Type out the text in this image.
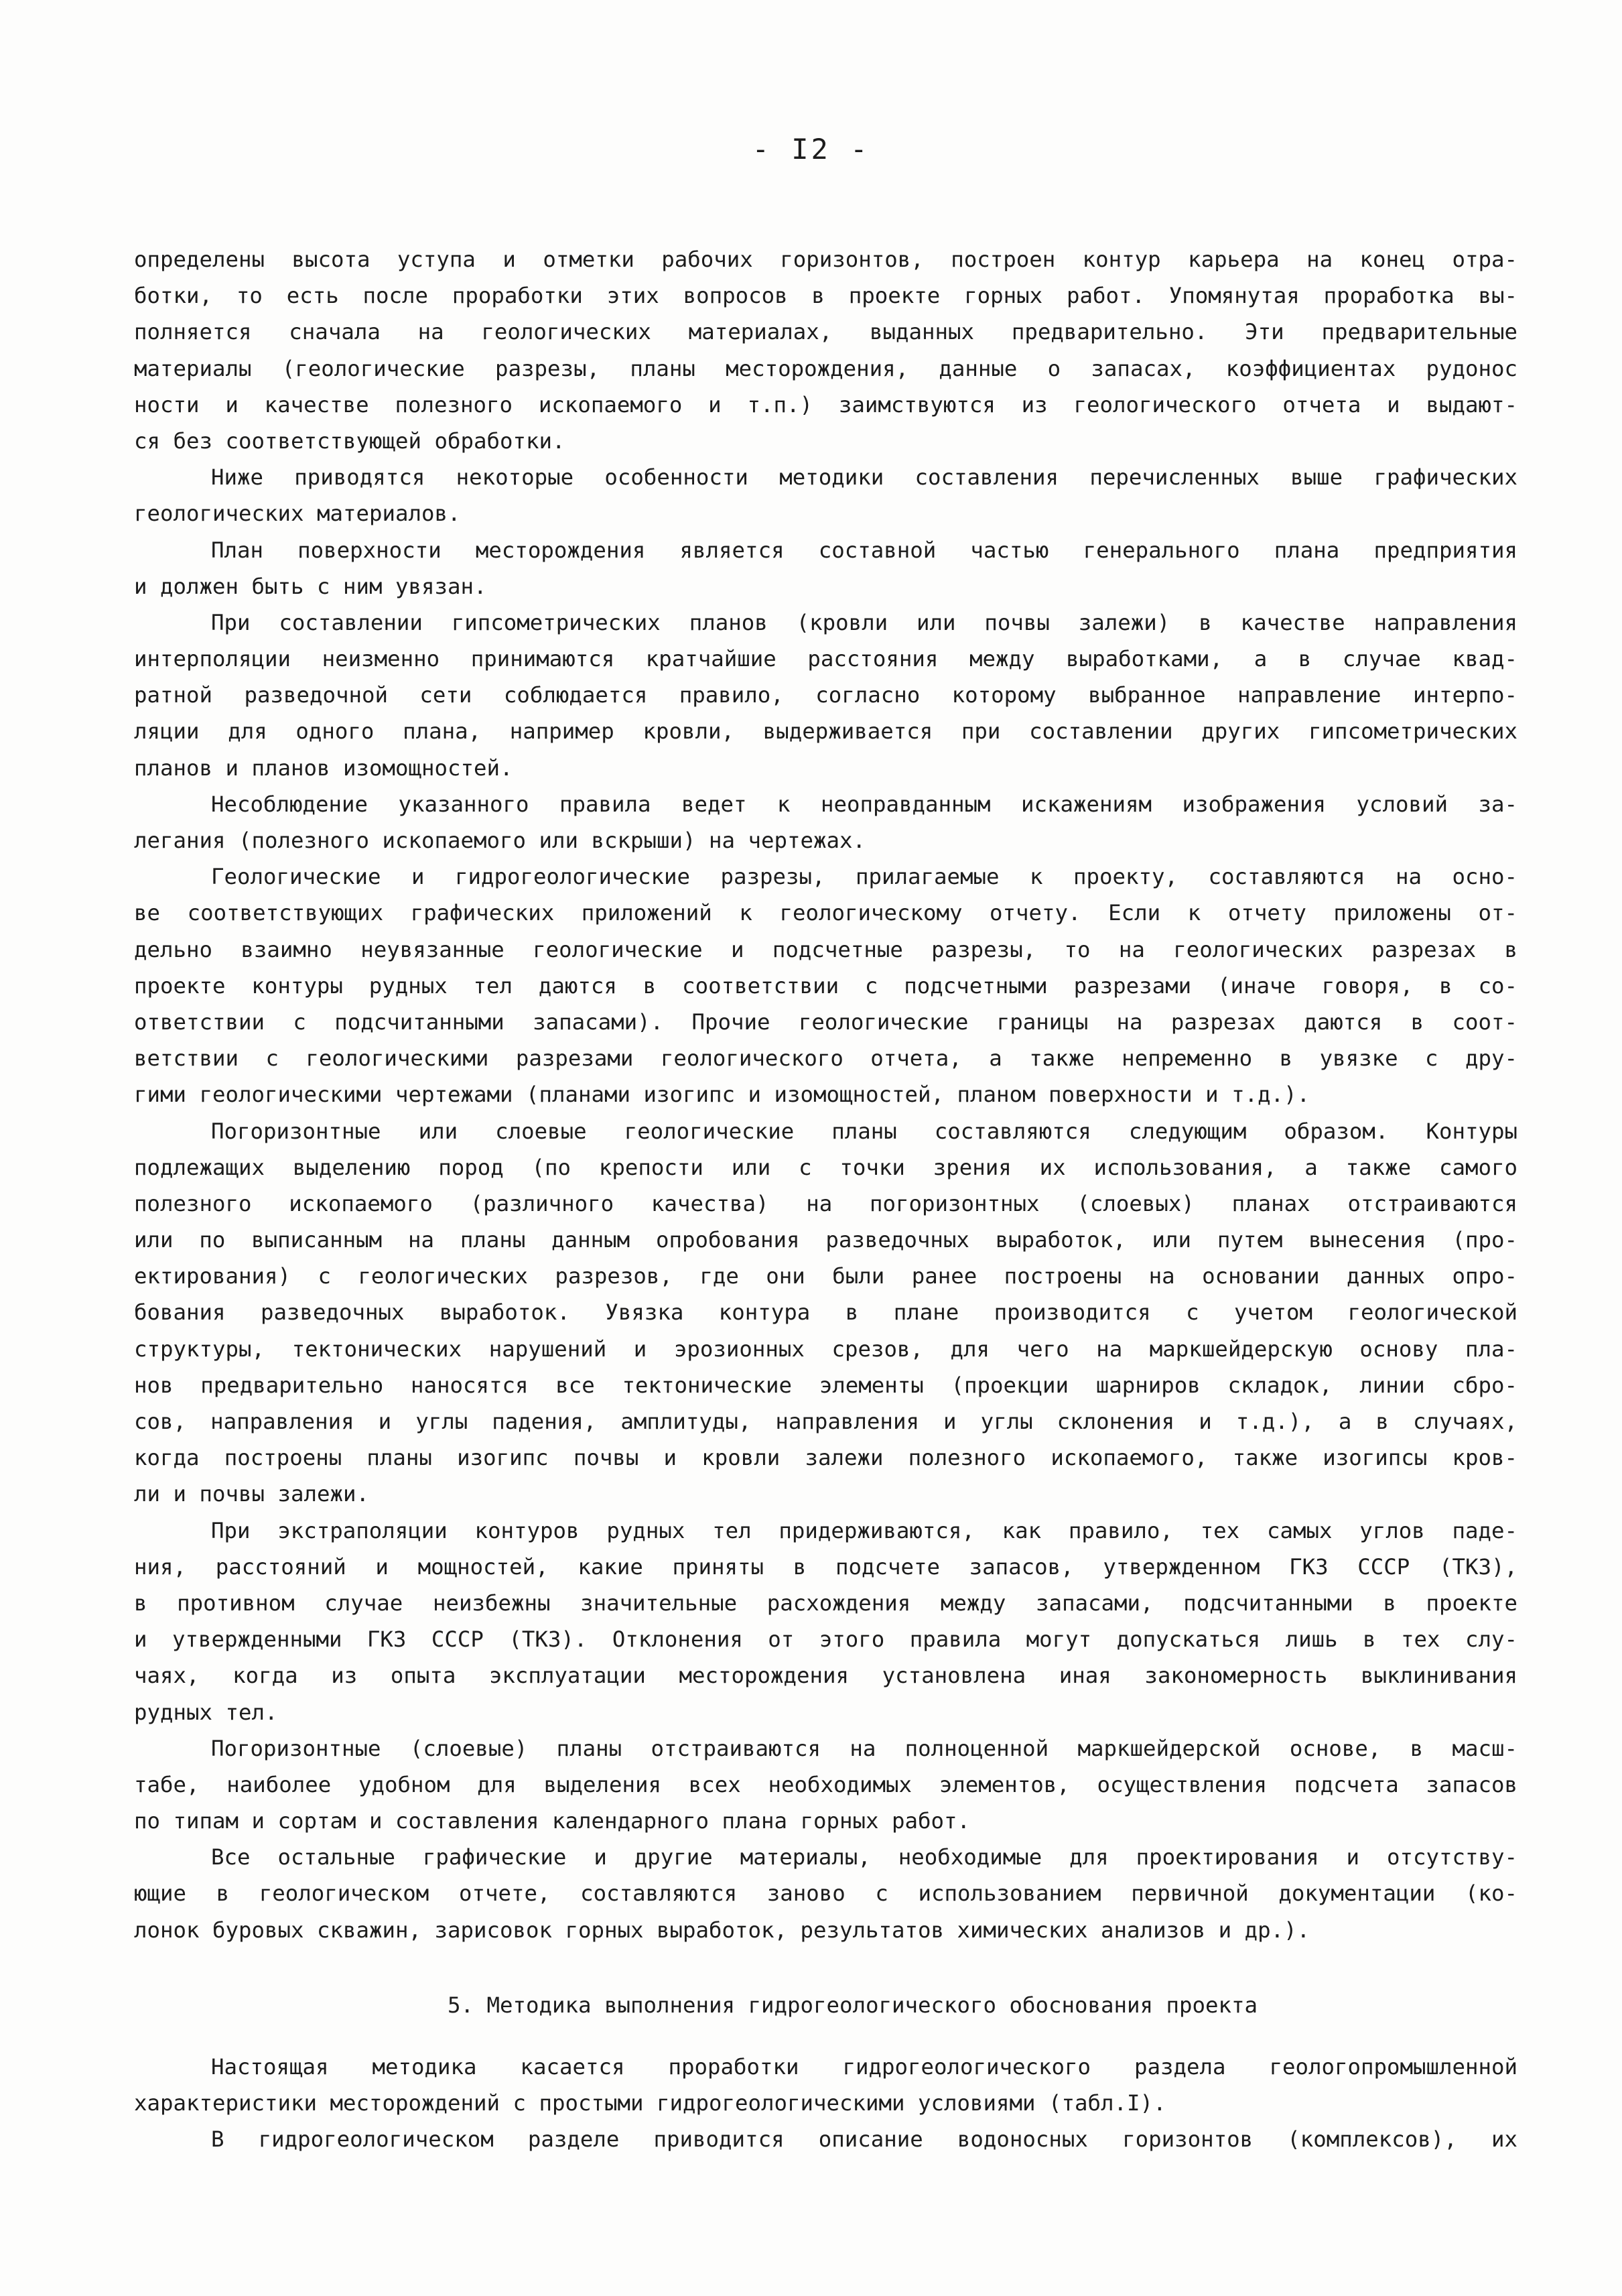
- I2 -
определены высота уступа и отметки рабочих горизонтов, построен контур карьера на конец отра-
ботки, то есть после проработки этих вопросов в проекте горных работ. Упомянутая проработка вы-
полняется сначала на геологических материалах, выданных предварительно. Эти предварительные
материалы (геологические разрезы, планы месторождения, данные о запасах, коэффициентах рудонос
ности и качестве полезного ископаемого и т.п.) заимствуются из геологического отчета и выдают-
ся без соответствующей обработки.
Ниже приводятся некоторые особенности методики составления перечисленных выше графических
геологических материалов.
План поверхности месторождения является составной частью генерального плана предприятия
и должен быть с ним увязан.
При составлении гипсометрических планов (кровли или почвы залежи) в качестве направления
интерполяции неизменно принимаются кратчайшие расстояния между выработками, а в случае квад-
ратной разведочной сети соблюдается правило, согласно которому выбранное направление интерпо-
ляции для одного плана, например кровли, выдерживается при составлении других гипсометрических
планов и планов изомощностей.
Несоблюдение указанного правила ведет к неоправданным искажениям изображения условий за-
легания (полезного ископаемого или вскрыши) на чертежах.
Геологические и гидрогеологические разрезы, прилагаемые к проекту, составляются на осно-
ве соответствующих графических приложений к геологическому отчету. Если к отчету приложены от-
дельно взаимно неувязанные геологические и подсчетные разрезы, то на геологических разрезах в
проекте контуры рудных тел даются в соответствии с подсчетными разрезами (иначе говоря, в со-
ответствии с подсчитанными запасами). Прочие геологические границы на разрезах даются в соот-
ветствии с геологическими разрезами геологического отчета, а также непременно в увязке с дру-
гими геологическими чертежами (планами изогипс и изомощностей, планом поверхности и т.д.).
Погоризонтные или слоевые геологические планы составляются следующим образом. Контуры
подлежащих выделению пород (по крепости или с точки зрения их использования, а также самого
полезного ископаемого (различного качества) на погоризонтных (слоевых) планах отстраиваются
или по выписанным на планы данным опробования разведочных выработок, или путем вынесения (про-
ектирования) с геологических разрезов, где они были ранее построены на основании данных опро-
бования разведочных выработок. Увязка контура в плане производится с учетом геологической
структуры, тектонических нарушений и эрозионных срезов, для чего на маркшейдерскую основу пла-
нов предварительно наносятся все тектонические элементы (проекции шарниров складок, линии сбро-
сов, направления и углы падения, амплитуды, направления и углы склонения и т.д.), а в случаях,
когда построены планы изогипс почвы и кровли залежи полезного ископаемого, также изогипсы кров-
ли и почвы залежи.
При экстраполяции контуров рудных тел придерживаются, как правило, тех самых углов паде-
ния, расстояний и мощностей, какие приняты в подсчете запасов, утвержденном ГКЗ СССР (ТКЗ),
в противном случае неизбежны значительные расхождения между запасами, подсчитанными в проекте
и утвержденными ГКЗ СССР (ТКЗ). Отклонения от этого правила могут допускаться лишь в тех слу-
чаях, когда из опыта эксплуатации месторождения установлена иная закономерность выклинивания
рудных тел.
Погоризонтные (слоевые) планы отстраиваются на полноценной маркшейдерской основе, в масш-
табе, наиболее удобном для выделения всех необходимых элементов, осуществления подсчета запасов
по типам и сортам и составления календарного плана горных работ.
Все остальные графические и другие материалы, необходимые для проектирования и отсутству-
ющие в геологическом отчете, составляются заново с использованием первичной документации (ко-
лонок буровых скважин, зарисовок горных выработок, результатов химических анализов и др.).
5. Методика выполнения гидрогеологического обоснования проекта
Настоящая методика касается проработки гидрогеологического раздела геологопромышленной
характеристики месторождений с простыми гидрогеологическими условиями (табл.I).
В гидрогеологическом разделе приводится описание водоносных горизонтов (комплексов), их
